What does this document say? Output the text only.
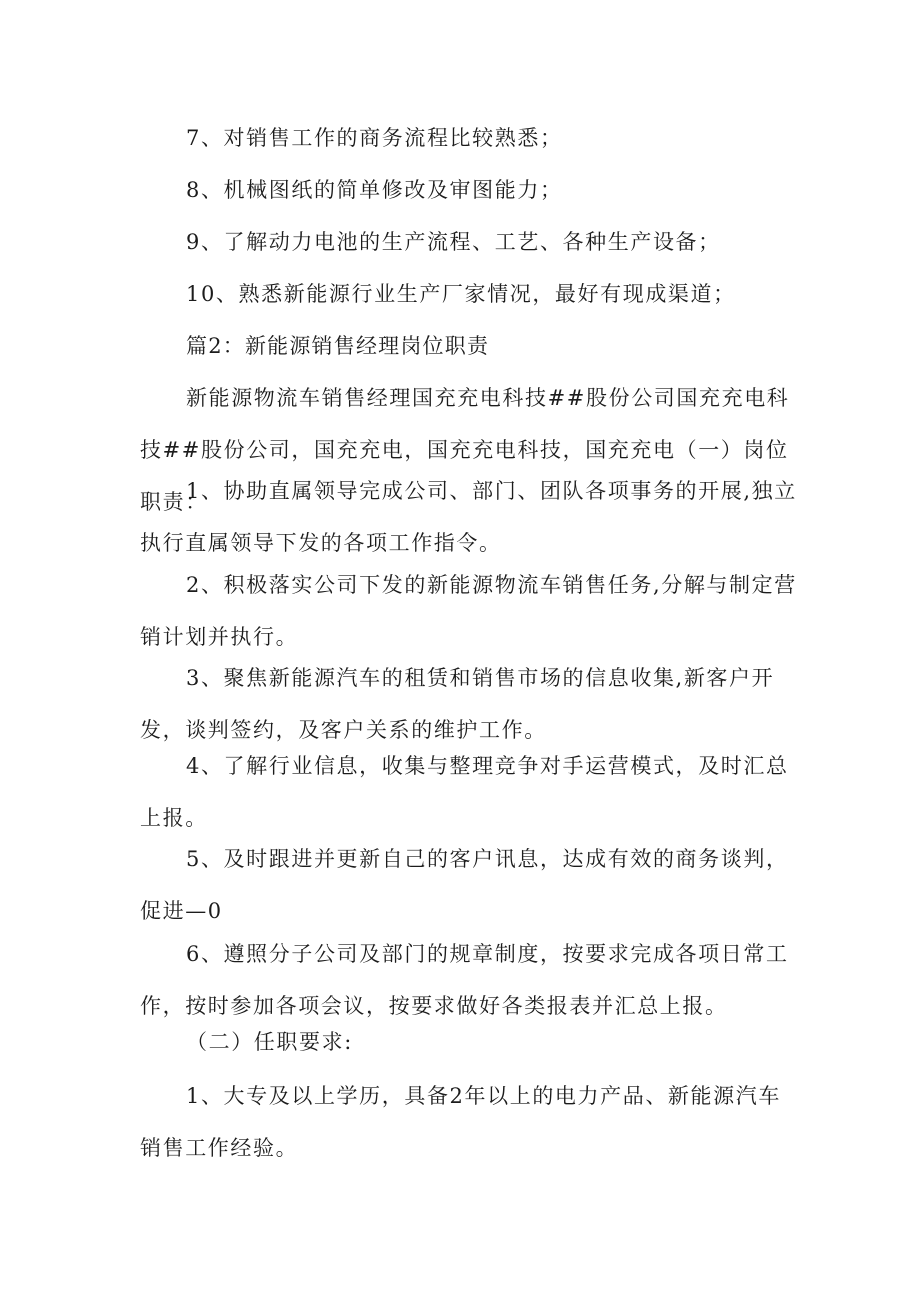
7、对销售工作的商务流程比较熟悉；

8、机械图纸的简单修改及审图能力；

9、了解动力电池的生产流程、工艺、各种生产设备；

10、熟悉新能源行业生产厂家情况，最好有现成渠道；

篇2：新能源销售经理岗位职责

新能源物流车销售经理国充充电科技##股份公司国充充电科技##股份公司，国充充电，国充充电科技，国充充电（一）岗位职责：

1、协助直属领导完成公司、部门、团队各项事务的开展,独立执行直属领导下发的各项工作指令。

2、积极落实公司下发的新能源物流车销售任务,分解与制定营销计划并执行。

3、聚焦新能源汽车的租赁和销售市场的信息收集,新客户开发，谈判签约，及客户关系的维护工作。

4、了解行业信息，收集与整理竞争对手运营模式，及时汇总上报。

5、及时跟进并更新自己的客户讯息，达成有效的商务谈判，促进—0

6、遵照分子公司及部门的规章制度，按要求完成各项日常工作，按时参加各项会议，按要求做好各类报表并汇总上报。

（二）任职要求:

1、大专及以上学历，具备2年以上的电力产品、新能源汽车销售工作经验。
